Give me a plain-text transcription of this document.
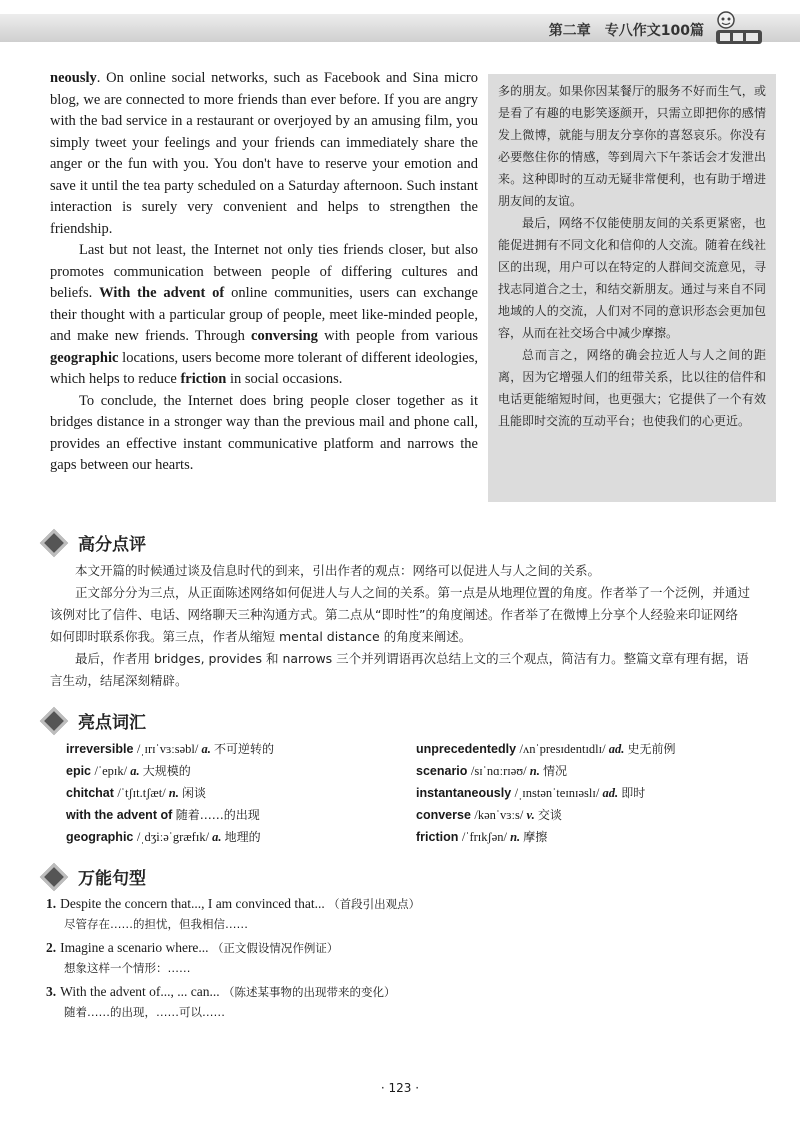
第二章　专八作文100篇

neously. On online social networks, such as Facebook and Sina micro blog, we are connected to more friends than ever before. If you are angry with the bad service in a restaurant or overjoyed by an amusing film, you simply tweet your feelings and your friends can immediately share the anger or the fun with you. You don't have to reserve your emotion and save it until the tea party scheduled on a Saturday afternoon. Such instant interaction is surely very convenient and helps to strengthen the friendship.

Last but not least, the Internet not only ties friends closer, but also promotes communication between people of differing cultures and beliefs. With the advent of online communities, users can exchange their thought with a particular group of people, meet like-minded people, and make new friends. Through conversing with people from various geographic locations, users become more tolerant of different ideologies, which helps to reduce friction in social occasions.

To conclude, the Internet does bring people closer together as it bridges distance in a stronger way than the previous mail and phone call, provides an effective instant communicative platform and narrows the gaps between our hearts.

多的朋友。如果你因某餐厅的服务不好而生气，或是看了有趣的电影笑逐颜开，只需立即把你的感情发上微博，就能与朋友分享你的喜怒哀乐。你没有必要憋住你的情感，等到周六下午茶话会才发泄出来。这种即时的互动无疑非常便利，也有助于增进朋友间的友谊。

最后，网络不仅能使朋友间的关系更紧密，也能促进拥有不同文化和信仰的人交流。随着在线社区的出现，用户可以在特定的人群间交流意见，寻找志同道合之士，和结交新朋友。通过与来自不同地域的人的交流，人们对不同的意识形态会更加包容，从而在社交场合中减少摩擦。

总而言之，网络的确会拉近人与人之间的距离，因为它增强人们的纽带关系，比以往的信件和电话更能缩短时间，也更强大；它提供了一个有效且能即时交流的互动平台；也使我们的心更近。

高分点评

本文开篇的时候通过谈及信息时代的到来，引出作者的观点：网络可以促进人与人之间的关系。

正文部分分为三点，从正面陈述网络如何促进人与人之间的关系。第一点是从地理位置的角度。作者举了一个泛例，并通过该例对比了信件、电话、网络聊天三种沟通方式。第二点从“即时性”的角度阐述。作者举了在微博上分享个人经验来印证网络如何即时联系你我。第三点，作者从缩短 mental distance 的角度来阐述。

最后，作者用 bridges, provides 和 narrows 三个并列谓语再次总结上文的三个观点，简洁有力。整篇文章有理有据，语言生动，结尾深刻精辟。

亮点词汇
irreversible /ˌɪrɪˈvɜːsəbl/ a. 不可逆转的	unprecedentedly /ʌnˈpresɪdentɪdlɪ/ ad. 史无前例
epic /ˈepɪk/ a. 大规模的	scenario /sɪˈnɑːrɪəʊ/ n. 情况
chitchat /ˈtʃɪt.tʃæt/ n. 闲谈	instantaneously /ˌɪnstənˈteɪnɪəslɪ/ ad. 即时
with the advent of 随着……的出现	converse /kənˈvɜːs/ v. 交谈
geographic /ˌdʒiːəˈgræfɪk/ a. 地理的	friction /ˈfrɪkʃən/ n. 摩擦
万能句型
1. Despite the concern that..., I am convinced that... （首段引出观点）
尽管存在……的担忧，但我相信……
2. Imagine a scenario where... （正文假设情况作例证）
想象这样一个情形：……
3. With the advent of..., ... can... （陈述某事物的出现带来的变化）
随着……的出现，……可以……
· 123 ·
